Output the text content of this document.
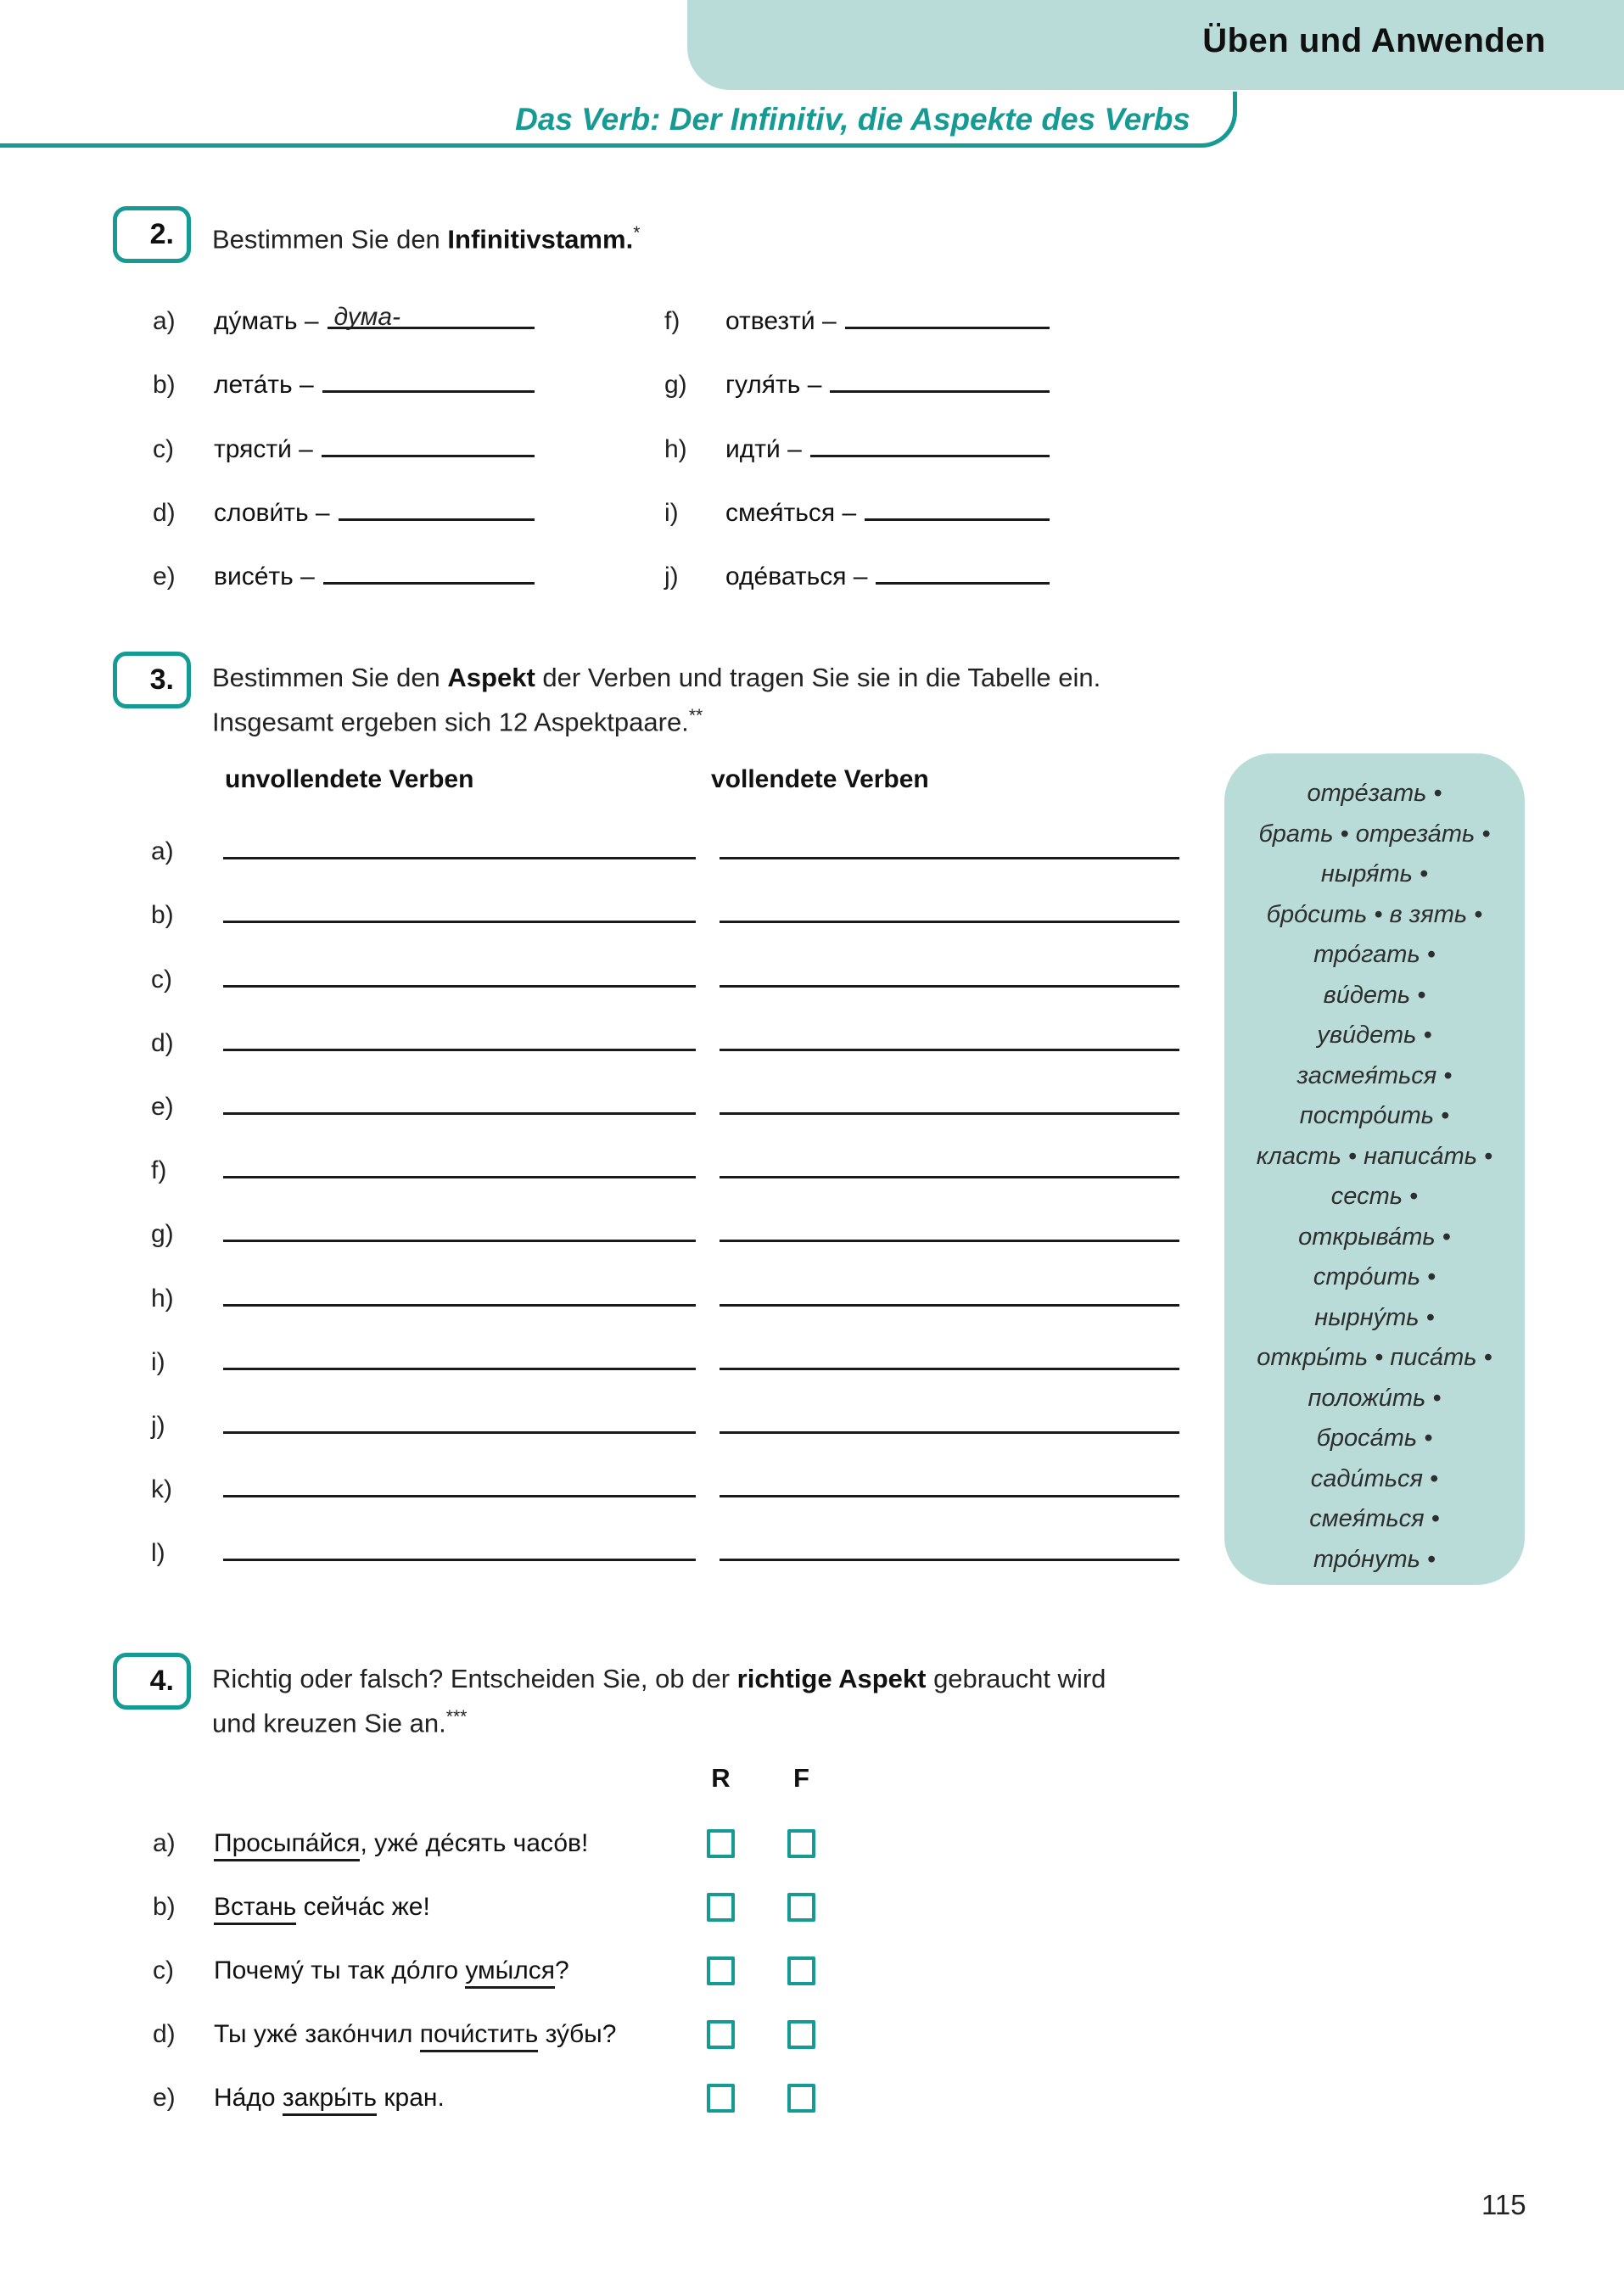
Üben und Anwenden
Das Verb: Der Infinitiv, die Aspekte des Verbs
2.	Bestimmen Sie den Infinitivstamm.*
a)	ду́мать – дума-
b)	лета́ть –
c)	трясти́ –
d)	слови́ть –
e)	висе́ть –
f)	отвезти́ –
g)	гуля́ть –
h)	идти́ –
i)	смея́ться –
j)	оде́ваться –
3.	Bestimmen Sie den Aspekt der Verben und tragen Sie sie in die Tabelle ein.
Insgesamt ergeben sich 12 Aspektpaare.**
unvollendete Verben	vollendete Verben
a)
b)
c)
d)
e)
f)
g)
h)
i)
j)
k)
l)
отре́зать •
брать • отреза́ть •
ныря́ть •
бро́сить • в зять •
тро́гать •
ви́деть •
уви́деть •
засмея́ться •
постро́ить •
класть • написа́ть •
сесть •
открыва́ть •
стро́ить •
нырну́ть •
откры́ть • писа́ть •
положи́ть •
броса́ть •
сади́ться •
смея́ться •
тро́нуть •
4.	Richtig oder falsch? Entscheiden Sie, ob der richtige Aspekt gebraucht wird
und kreuzen Sie an.***
R F
a)	Просыпа́йся, уже́ де́сять часо́в!
b)	Встань сейча́с же!
c)	Почему́ ты так до́лго умы́лся?
d)	Ты уже́ зако́нчил почи́стить зу́бы?
e)	На́до закры́ть кран.
115
